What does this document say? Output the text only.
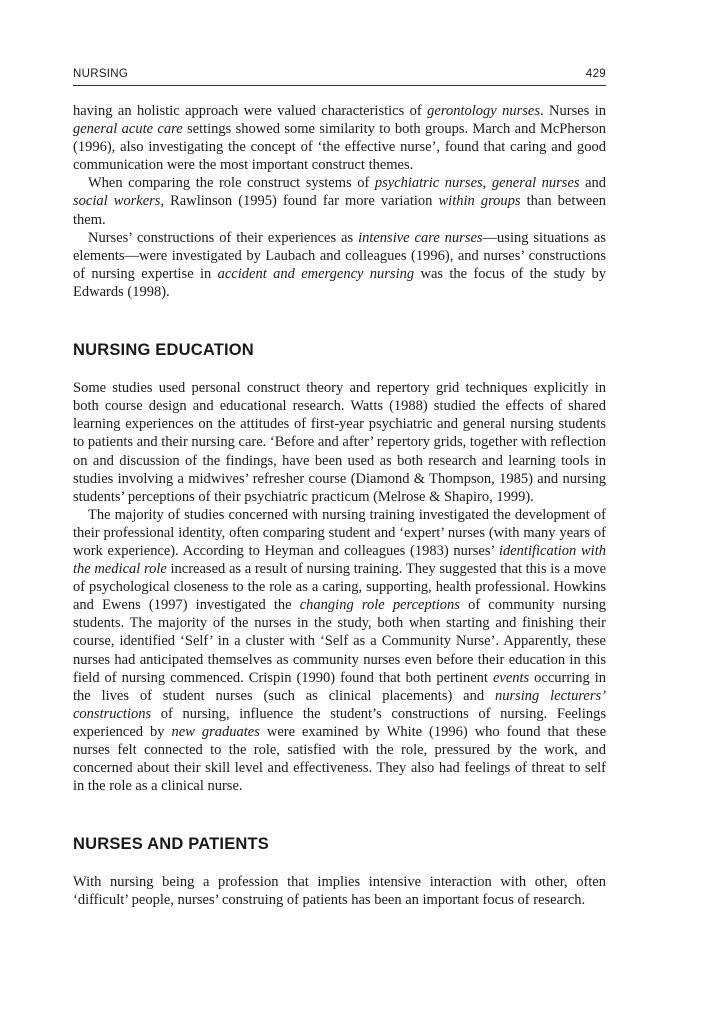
NURSING	429

having an holistic approach were valued characteristics of gerontology nurses. Nurses in general acute care settings showed some similarity to both groups. March and McPherson (1996), also investigating the concept of ‘the effective nurse’, found that caring and good communication were the most important construct themes.

When comparing the role construct systems of psychiatric nurses, general nurses and social workers, Rawlinson (1995) found far more variation within groups than between them.

Nurses’ constructions of their experiences as intensive care nurses—using situations as elements—were investigated by Laubach and colleagues (1996), and nurses’ constructions of nursing expertise in accident and emergency nursing was the focus of the study by Edwards (1998).

NURSING EDUCATION

Some studies used personal construct theory and repertory grid techniques explicitly in both course design and educational research. Watts (1988) studied the effects of shared learning experiences on the attitudes of first-year psychiatric and general nursing students to patients and their nursing care. ‘Before and after’ repertory grids, together with reflection on and discussion of the findings, have been used as both research and learning tools in studies involving a midwives’ refresher course (Diamond & Thompson, 1985) and nursing students’ perceptions of their psychiatric practicum (Melrose & Shapiro, 1999).

The majority of studies concerned with nursing training investigated the development of their professional identity, often comparing student and ‘expert’ nurses (with many years of work experience). According to Heyman and colleagues (1983) nurses’ identification with the medical role increased as a result of nursing training. They suggested that this is a move of psychological closeness to the role as a caring, supporting, health professional. Howkins and Ewens (1997) investigated the changing role perceptions of community nursing students. The majority of the nurses in the study, both when starting and finishing their course, identified ‘Self’ in a cluster with ‘Self as a Community Nurse’. Apparently, these nurses had anticipated themselves as community nurses even before their education in this field of nursing commenced. Crispin (1990) found that both pertinent events occurring in the lives of student nurses (such as clinical placements) and nursing lecturers’ constructions of nursing, influence the student’s constructions of nursing. Feelings experienced by new graduates were examined by White (1996) who found that these nurses felt connected to the role, satisfied with the role, pressured by the work, and concerned about their skill level and effectiveness. They also had feelings of threat to self in the role as a clinical nurse.

NURSES AND PATIENTS

With nursing being a profession that implies intensive interaction with other, often ‘difficult’ people, nurses’ construing of patients has been an important focus of research.
